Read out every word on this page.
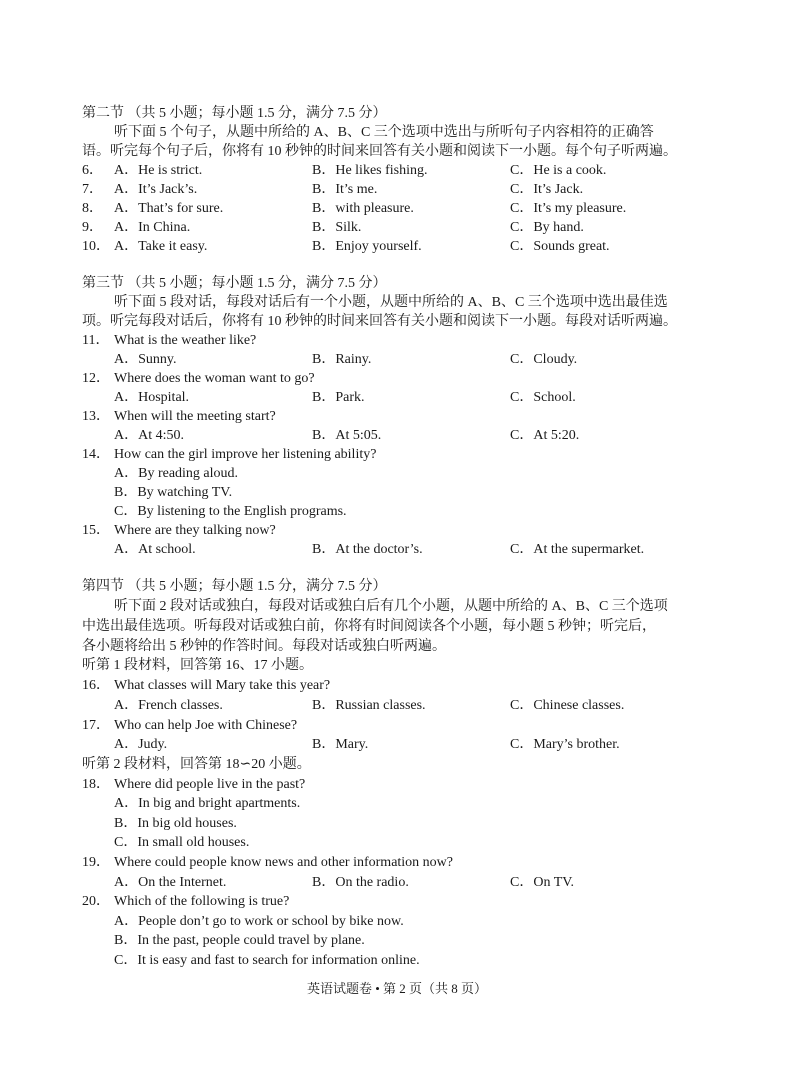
第二节 （共 5 小题；每小题 1.5 分，满分 7.5 分）
听下面 5 个句子，从题中所给的 A、B、C 三个选项中选出与所听句子内容相符的正确答
语。听完每个句子后，你将有 10 秒钟的时间来回答有关小题和阅读下一小题。每个句子听两遍。
6． A．He is strict.	B．He likes fishing.	C．He is a cook.
7． A．It’s Jack’s.	B．It’s me.	C．It’s Jack.
8． A．That’s for sure.	B．with pleasure.	C．It’s my pleasure.
9． A．In China.	B．Silk.	C．By hand.
10． A．Take it easy.	B．Enjoy yourself.	C．Sounds great.
第三节 （共 5 小题；每小题 1.5 分，满分 7.5 分）
听下面 5 段对话，每段对话后有一个小题，从题中所给的 A、B、C 三个选项中选出最佳选
项。听完每段对话后，你将有 10 秒钟的时间来回答有关小题和阅读下一小题。每段对话听两遍。
11． What is the weather like?
A．Sunny.	B．Rainy.	C．Cloudy.
12． Where does the woman want to go?
A．Hospital.	B．Park.	C．School.
13． When will the meeting start?
A．At 4:50.	B．At 5:05.	C．At 5:20.
14． How can the girl improve her listening ability?
A．By reading aloud.
B．By watching TV.
C．By listening to the English programs.
15． Where are they talking now?
A．At school.	B．At the doctor’s.	C．At the supermarket.
第四节 （共 5 小题；每小题 1.5 分，满分 7.5 分）
听下面 2 段对话或独白，每段对话或独白后有几个小题，从题中所给的 A、B、C 三个选项
中选出最佳选项。听每段对话或独白前，你将有时间阅读各个小题，每小题 5 秒钟；听完后，
各小题将给出 5 秒钟的作答时间。每段对话或独白听两遍。
听第 1 段材料，回答第 16、17 小题。
16． What classes will Mary take this year?
A．French classes.	B．Russian classes.	C．Chinese classes.
17． Who can help Joe with Chinese?
A．Judy.	B．Mary.	C．Mary’s brother.
听第 2 段材料，回答第 18∽20 小题。
18． Where did people live in the past?
A．In big and bright apartments.
B．In big old houses.
C．In small old houses.
19． Where could people know news and other information now?
A．On the Internet.	B．On the radio.	C．On TV.
20． Which of the following is true?
A．People don’t go to work or school by bike now.
B．In the past, people could travel by plane.
C．It is easy and fast to search for information online.
英语试题卷 • 第 2 页（共 8 页）
